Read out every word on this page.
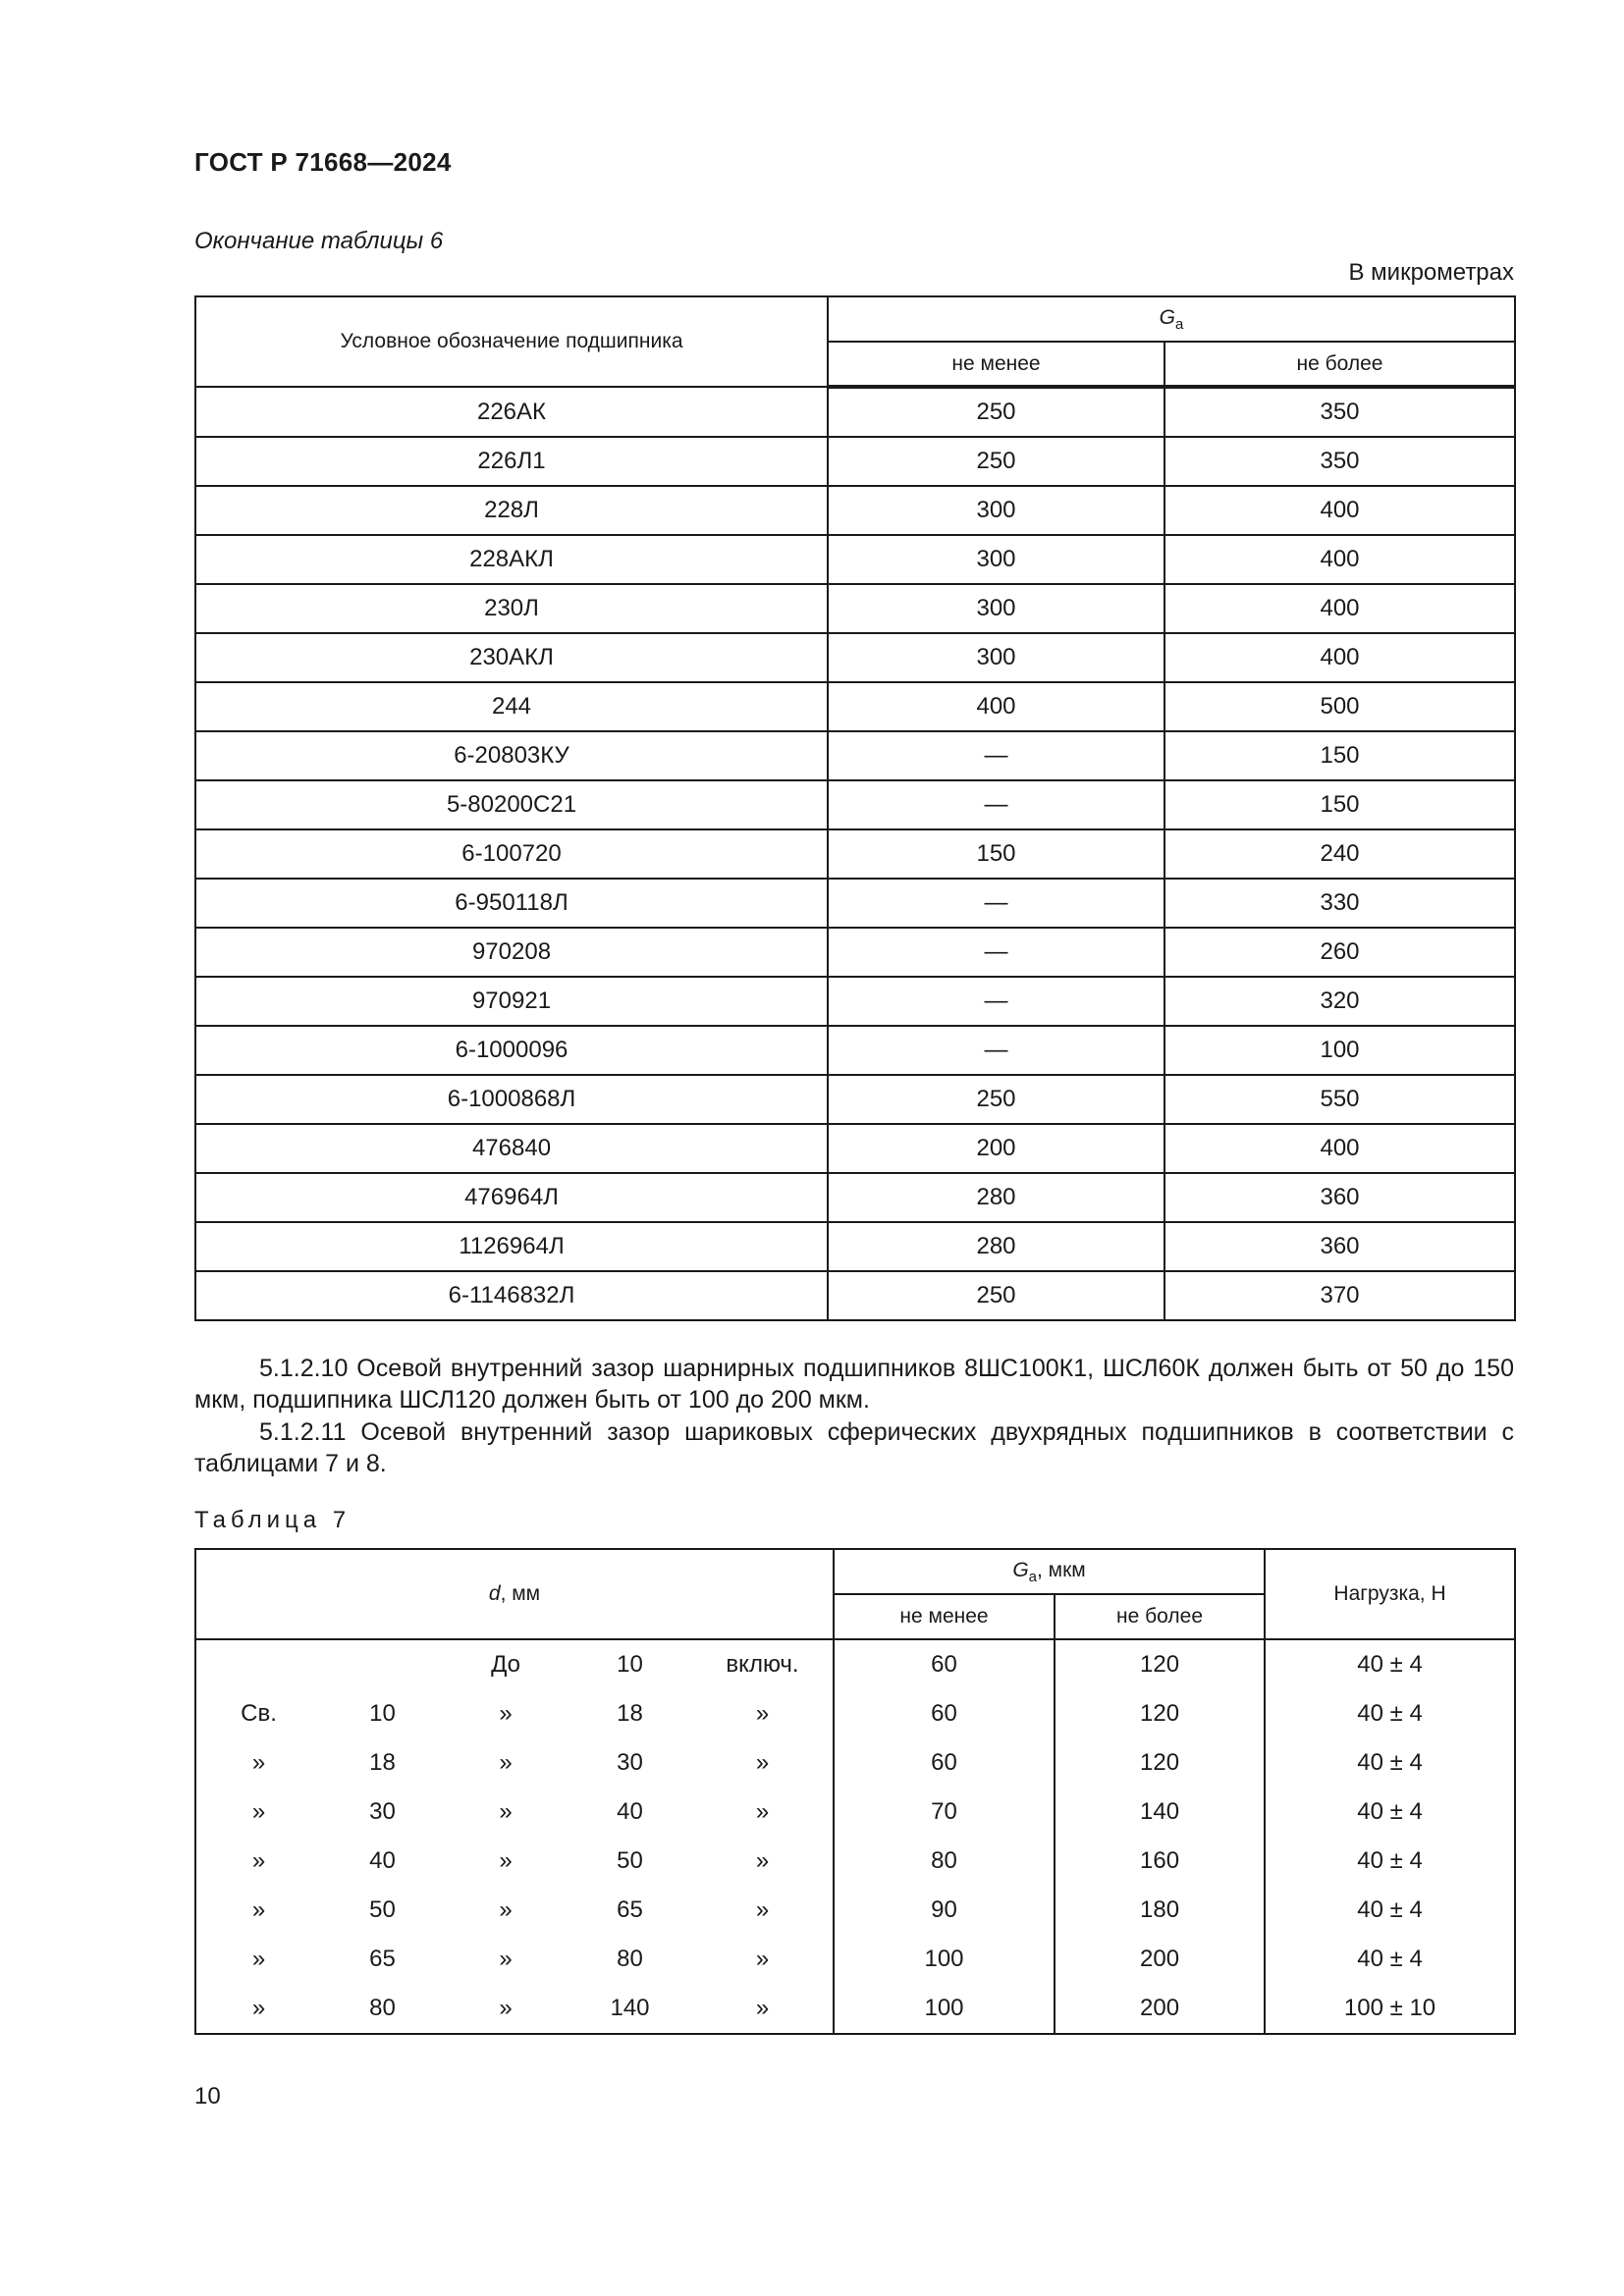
ГОСТ Р 71668—2024
Окончание таблицы 6
В микрометрах
Условное обозначение подшипника	$G_a$
	не менее	не более
226АК	250	350
226Л1	250	350
228Л	300	400
228АКЛ	300	400
230Л	300	400
230АКЛ	300	400
244	400	500
6-20803КУ	—	150
5-80200С21	—	150
6-100720	150	240
6-950118Л	—	330
970208	—	260
970921	—	320
6-1000096	—	100
6-1000868Л	250	550
476840	200	400
476964Л	280	360
1126964Л	280	360
6-1146832Л	250	370
5.1.2.10 Осевой внутренний зазор шарнирных подшипников 8ШС100К1, ШСЛ60К должен быть от 50 до 150 мкм, подшипника ШСЛ120 должен быть от 100 до 200 мкм.
5.1.2.11 Осевой внутренний зазор шариковых сферических двухрядных подшипников в соответствии с таблицами 7 и 8.
Таблица 7
d, мм					$G_a$, мкм		Нагрузка, Н
					не менее	не более	
		До	10	включ.	60	120	40 ± 4
Св.	10	»	18	»	60	120	40 ± 4
»	18	»	30	»	60	120	40 ± 4
»	30	»	40	»	70	140	40 ± 4
»	40	»	50	»	80	160	40 ± 4
»	50	»	65	»	90	180	40 ± 4
»	65	»	80	»	100	200	40 ± 4
»	80	»	140	»	100	200	100 ± 10
10
